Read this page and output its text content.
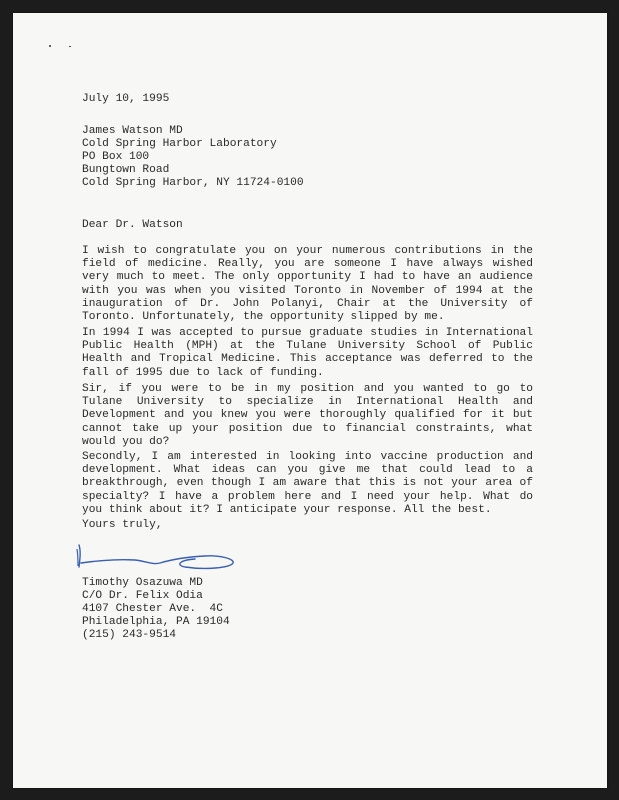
July 10, 1995
James Watson MD
Cold Spring Harbor Laboratory
PO Box 100
Bungtown Road
Cold Spring Harbor, NY 11724-0100
Dear Dr. Watson
I wish to congratulate you on your numerous contributions in the
field of medicine. Really, you are someone I have always wished
very much to meet. The only opportunity I had to have an audience
with you was when you visited Toronto in November of 1994 at the
inauguration of Dr. John Polanyi, Chair at the University of
Toronto. Unfortunately, the opportunity slipped by me.
In 1994 I was accepted to pursue graduate studies in International
Public Health (MPH) at the Tulane University School of Public
Health and Tropical Medicine. This acceptance was deferred to the
fall of 1995 due to lack of funding.
Sir, if you were to be in my position and you wanted to go to
Tulane University to specialize in International Health and
Development and you knew you were thoroughly qualified for it but
cannot take up your position due to financial constraints, what
would you do?
Secondly, I am interested in looking into vaccine production and
development. What ideas can you give me that could lead to a
breakthrough, even though I am aware that this is not your area of
specialty? I have a problem here and I need your help. What do
you think about it? I anticipate your response. All the best.
Yours truly,
Timothy Osazuwa MD
C/O Dr. Felix Odia
4107 Chester Ave.  4C
Philadelphia, PA 19104
(215) 243-9514
